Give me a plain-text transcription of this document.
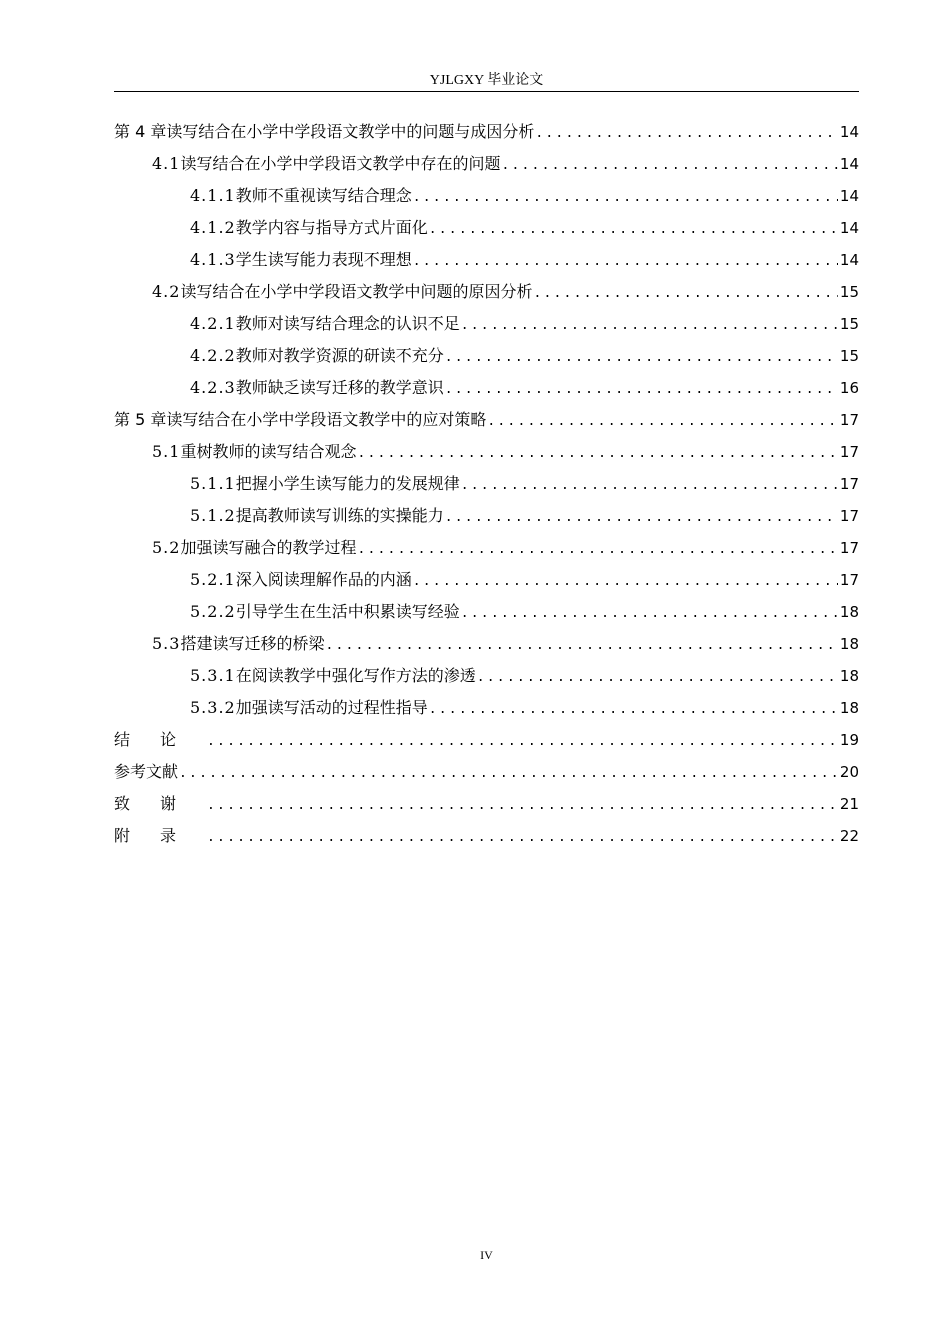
YJLGXY 毕业论文
第 4 章 读写结合在小学中学段语文教学中的问题与成因分析 .....	14
4.1 读写结合在小学中学段语文教学中存在的问题 .....	14
4.1.1 教师不重视读写结合理念 .....	14
4.1.2 教学内容与指导方式片面化 .....	14
4.1.3 学生读写能力表现不理想 .....	14
4.2 读写结合在小学中学段语文教学中问题的原因分析 .....	15
4.2.1 教师对读写结合理念的认识不足 .....	15
4.2.2 教师对教学资源的研读不充分 .....	15
4.2.3 教师缺乏读写迁移的教学意识 .....	16
第 5 章 读写结合在小学中学段语文教学中的应对策略 .....	17
5.1 重树教师的读写结合观念 .....	17
5.1.1 把握小学生读写能力的发展规律 .....	17
5.1.2 提高教师读写训练的实操能力 .....	17
5.2 加强读写融合的教学过程 .....	17
5.2.1 深入阅读理解作品的内涵 .....	17
5.2.2 引导学生在生活中积累读写经验 .....	18
5.3 搭建读写迁移的桥梁 .....	18
5.3.1 在阅读教学中强化写作方法的渗透 .....	18
5.3.2 加强读写活动的过程性指导 .....	18
结论 .....	19
参考文献 .....	20
致谢 .....	21
附录 .....	22
IV
